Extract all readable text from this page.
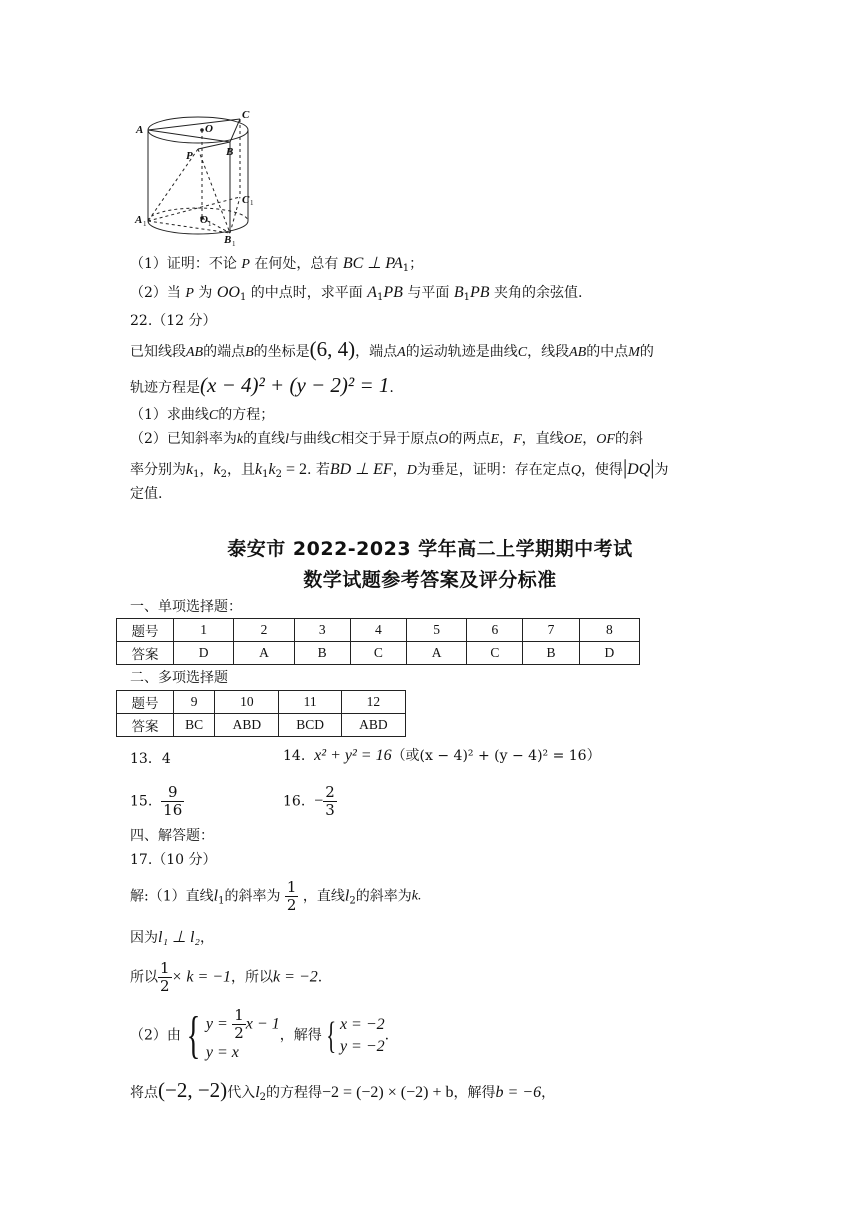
A	O
C
P	B
C
A	O
B
1	1
1
1
（1）证明：不论 P 在何处，总有 BC ⊥ $PA_1$；
（2）当 P 为 $OO_1$ 的中点时，求平面 $A_1PB$ 与平面 $B_1PB$ 夹角的余弦值.
22.（12 分）
已知线段AB的端点B的坐标是(6, 4)，端点A的运动轨迹是曲线C，线段AB的中点M的
轨迹方程是(x − 4)² + (y − 2)² = 1.
（1）求曲线C的方程；
（2）已知斜率为k的直线l与曲线C相交于异于原点O的两点E，F，直线OE，OF的斜
率分别为$k_1$，$k_2$，且$k_1k_2 = 2$. 若BD ⊥ EF，D为垂足，证明：存在定点Q，使得|DQ|为
定值.
泰安市 2022-2023 学年高二上学期期中考试
数学试题参考答案及评分标准
一、单项选择题：
题号	1	2	3	4	5	6	7	8
答案	D	A	B	C	A	C	B	D
二、多项选择题
题号	9	10	11	12
答案	BC	ABD	BCD	ABD
13．4	14. x² + y² = 16（或(x − 4)² + (y − 4)² = 16）
15. $\frac{9}{16}$	16. − $\frac{2}{3}$
四、解答题：
17.（10 分）
解:（1）直线$l_1$的斜率为 $\frac{1}{2}$ ，直线$l_2$的斜率为k.
因为l₁ ⊥ l₂，
所以 $\frac{1}{2} \times k = -1$，所以k = −2.
（2）由 { $y = \frac{1}{2}$ x − 1
y = x
，解得 { x = −2
y = −2
.
将点(−2, −2)代入$l_2$的方程得−2 = (−2) × (−2) + b，解得b = −6，
